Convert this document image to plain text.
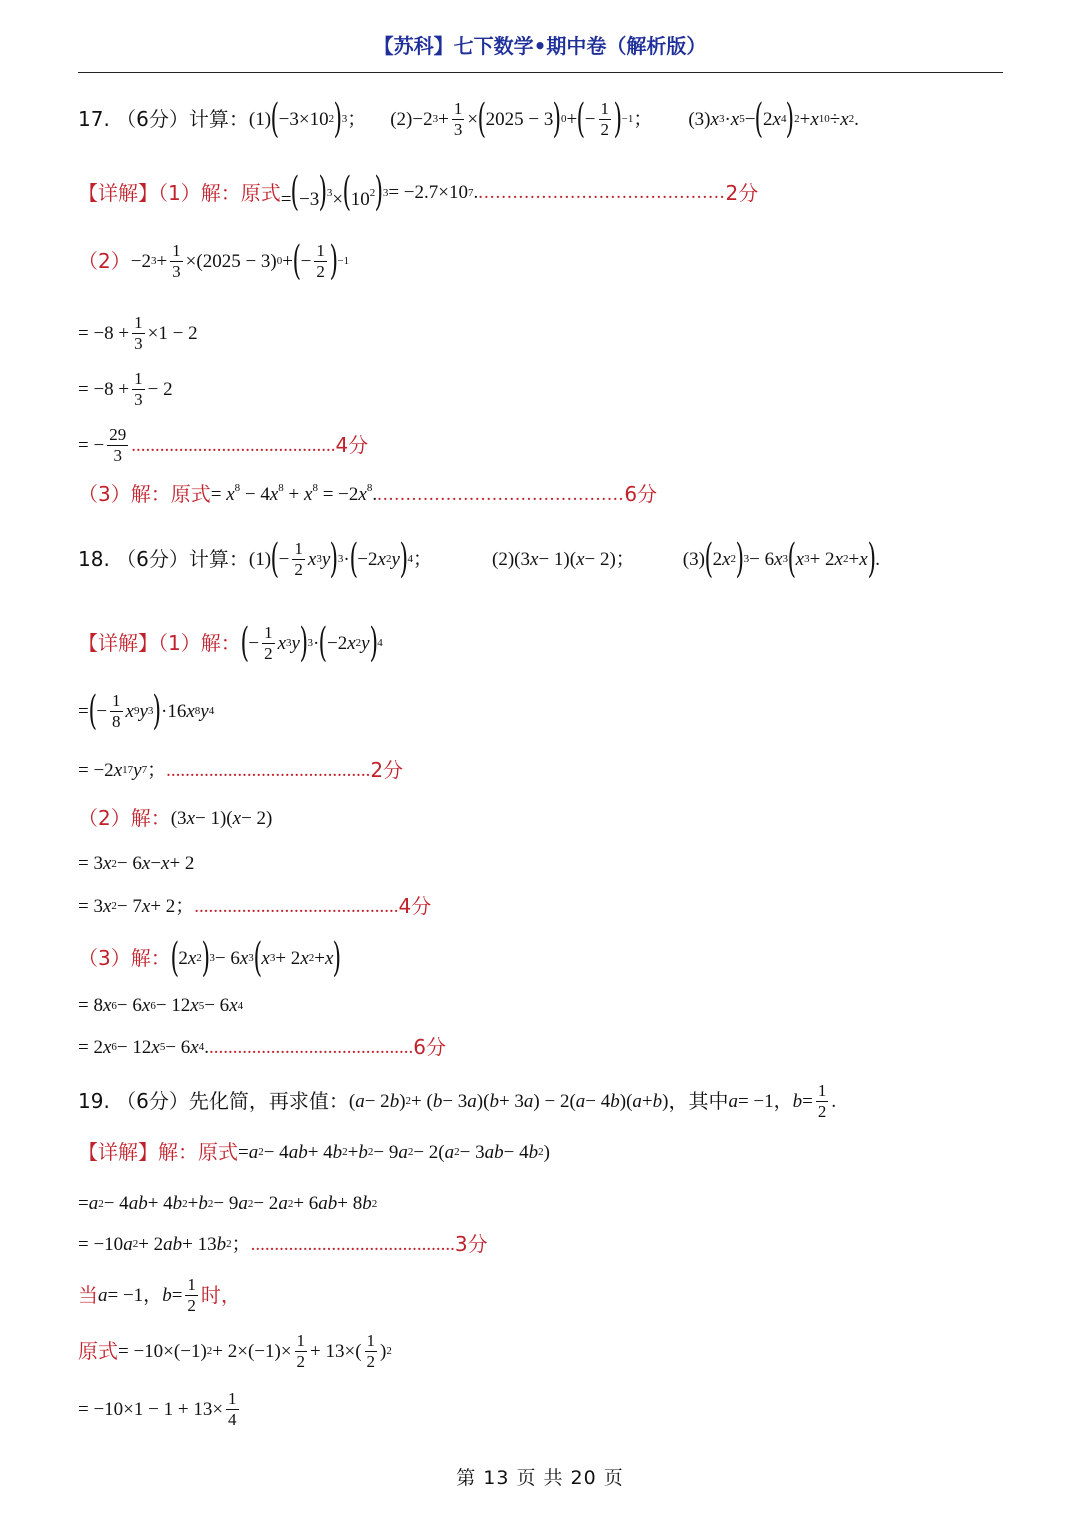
【苏科】七下数学•期中卷（解析版）
17. （6分）计算： (1) ( −3×10 2 ) 3 ； (2) −2 $3 + \frac{1}{3}$ × ( 2025 − 3 ) 0 + ( − $\frac{1}{2}$ ) −1 ； (3) x 3 · x 5 − ( 2 x 4 ) 2 + x 10 ÷ x 2 .
【详解】（1）解：原式 $=(-3)^3\times(10^2)^3 = -2.7\times 10$ 7 . ........................................... 2分
（2） −2 $3 + \frac{1}{3} \times(2025 - 3) 0$ + ( − $\frac{1}{2}$ ) −1
= $-8 + \frac{1}{3} \times 1 - 2$
= $-8 + \frac{1}{3} - 2$
= − $\frac{29}{3}$ ........................................... 4分
（3）解：原式 = $x^8 - 4x^8 + x^8 = -2x^8$. ........................................... 6分
18. （6分）计算： (1) ( − $\frac{1}{2}$ x 3 y ) 3 · ( −2 x 2 y ) 4 ；	(2) (3 x − 1)( x − 2)；	(3) ( 2 x 2 ) 3 − 6 x 3 ( x 3 + 2 x 2 + x ) .
【详解】（1）解： ( − $\frac{1}{2}$ x 3 y ) 3 · ( −2 x 2 y ) 4
= ( − $\frac{1}{8}$ x 9 y 3 ) ·16 x 8 y 4
= −2 x 17 y 7 ； ........................................... 2分
（2）解： (3 x − 1)( x − 2)
= 3 x 2 − 6 x − x + 2
= 3 x 2 − 7 x + 2； ........................................... 4分
（3）解： ( 2 x 2 ) 3 − 6 x 3 ( x 3 + 2 x 2 + x )
= 8 x 6 − 6 x 6 − 12 x 5 − 6 x 4
= 2 x 6 − 12 x 5 − 6 x 4 . ........................................... 6分
19. （6分）先化简，再求值： ( a − 2 b ) 2 + ( b − 3 a )( b + 3 a ) − 2( a − 4 b )( a + b ) ，其中 a = −1， $b = \frac{1}{2}$ .
【详解】解：原式 = a 2 − 4 ab + 4 b 2 + b 2 − 9 a 2 − 2( a 2 − 3 ab − 4 b 2 )
= a 2 − 4 ab + 4 b 2 + b 2 − 9 a 2 − 2 a 2 + 6 ab + 8 b 2
= −10 a 2 + 2 ab + 13 b 2 ； ........................................... 3分
当 a = −1， $b = \frac{1}{2}$ 时，
原式 = −10×(−1) $2 + 2\times(-1)\times \frac{1}{2} + 13\times( \frac{1}{2}$ ) 2
= $-10\times 1 - 1 + 13\times \frac{1}{4}$
第 13 页 共 20 页
